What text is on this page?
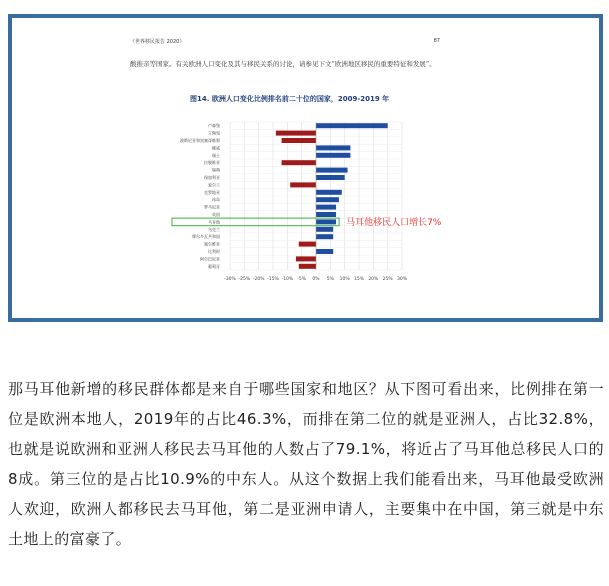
《世界移民报告 2020》	87
酸推亲等国家。有关欧洲人口变化及其与移民关系的讨论，请参见下文“欧洲地区移民的重要特征和发展”。
图14. 欧洲人口变化比例排名前二十位的国家，2009-2019 年
-30% -25% -20% -15% -10% -5% 0% 5% 10% 15% 20% 25% 30%
卢森堡
立陶宛
波斯尼亚和黑塞哥维那
挪威
瑞士
拉脱维亚
瑞典
保加利亚
爱尔兰
克罗地亚
冰岛
罗马尼亚
英国
马耳他	马耳他移民人口增长7%
乌克兰
摩尔多瓦共和国
塞尔维亚
比利时
阿尔巴尼亚
葡萄牙
那马耳他新增的移民群体都是来自于哪些国家和地区？从下图可看出来，比例排在第一位是欧洲本地人，2019年的占比46.3%，而排在第二位的就是亚洲人，占比32.8%，也就是说欧洲和亚洲人移民去马耳他的人数占了79.1%，将近占了马耳他总移民人口的8成。第三位的是占比10.9%的中东人。从这个数据上我们能看出来，马耳他最受欧洲人欢迎，欧洲人都移民去马耳他，第二是亚洲申请人，主要集中在中国，第三就是中东土地上的富豪了。
